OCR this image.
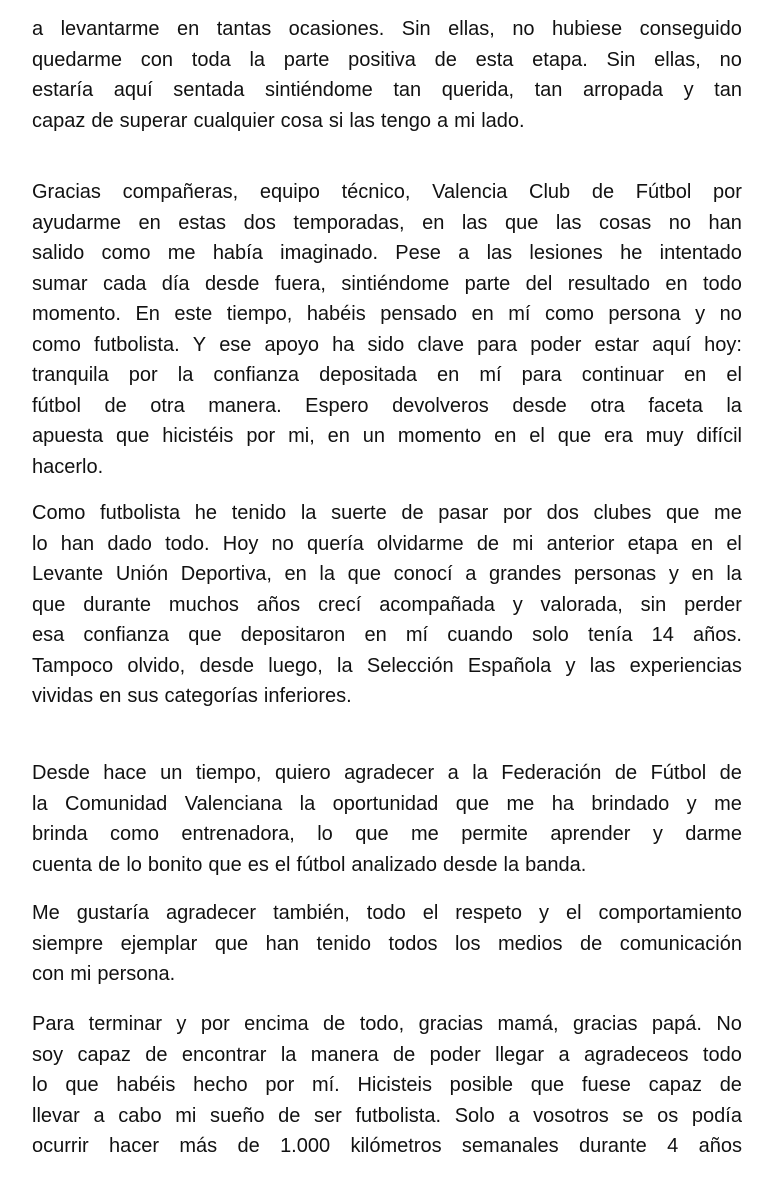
a levantarme en tantas ocasiones. Sin ellas, no hubiese conseguido
quedarme con toda la parte positiva de esta etapa. Sin ellas, no
estaría aquí sentada sintiéndome tan querida, tan arropada y tan
capaz de superar cualquier cosa si las tengo a mi lado.
Gracias compañeras, equipo técnico, Valencia Club de Fútbol por
ayudarme en estas dos temporadas, en las que las cosas no han
salido como me había imaginado. Pese a las lesiones he intentado
sumar cada día desde fuera, sintiéndome parte del resultado en todo
momento. En este tiempo, habéis pensado en mí como persona y no
como futbolista. Y ese apoyo ha sido clave para poder estar aquí hoy:
tranquila por la confianza depositada en mí para continuar en el
fútbol de otra manera. Espero devolveros desde otra faceta la
apuesta que hicistéis por mi, en un momento en el que era muy difícil
hacerlo.
Como futbolista he tenido la suerte de pasar por dos clubes que me
lo han dado todo. Hoy no quería olvidarme de mi anterior etapa en el
Levante Unión Deportiva, en la que conocí a grandes personas y en la
que durante muchos años crecí acompañada y valorada, sin perder
esa confianza que depositaron en mí cuando solo tenía 14 años.
Tampoco olvido, desde luego, la Selección Española y las experiencias
vividas en sus categorías inferiores.
Desde hace un tiempo, quiero agradecer a la Federación de Fútbol de
la Comunidad Valenciana la oportunidad que me ha brindado y me
brinda como entrenadora, lo que me permite aprender y darme
cuenta de lo bonito que es el fútbol analizado desde la banda.
Me gustaría agradecer también, todo el respeto y el comportamiento
siempre ejemplar que han tenido todos los medios de comunicación
con mi persona.
Para terminar y por encima de todo, gracias mamá, gracias papá. No
soy capaz de encontrar la manera de poder llegar a agradeceos todo
lo que habéis hecho por mí. Hicisteis posible que fuese capaz de
llevar a cabo mi sueño de ser futbolista. Solo a vosotros se os podía
ocurrir hacer más de 1.000 kilómetros semanales durante 4 años
